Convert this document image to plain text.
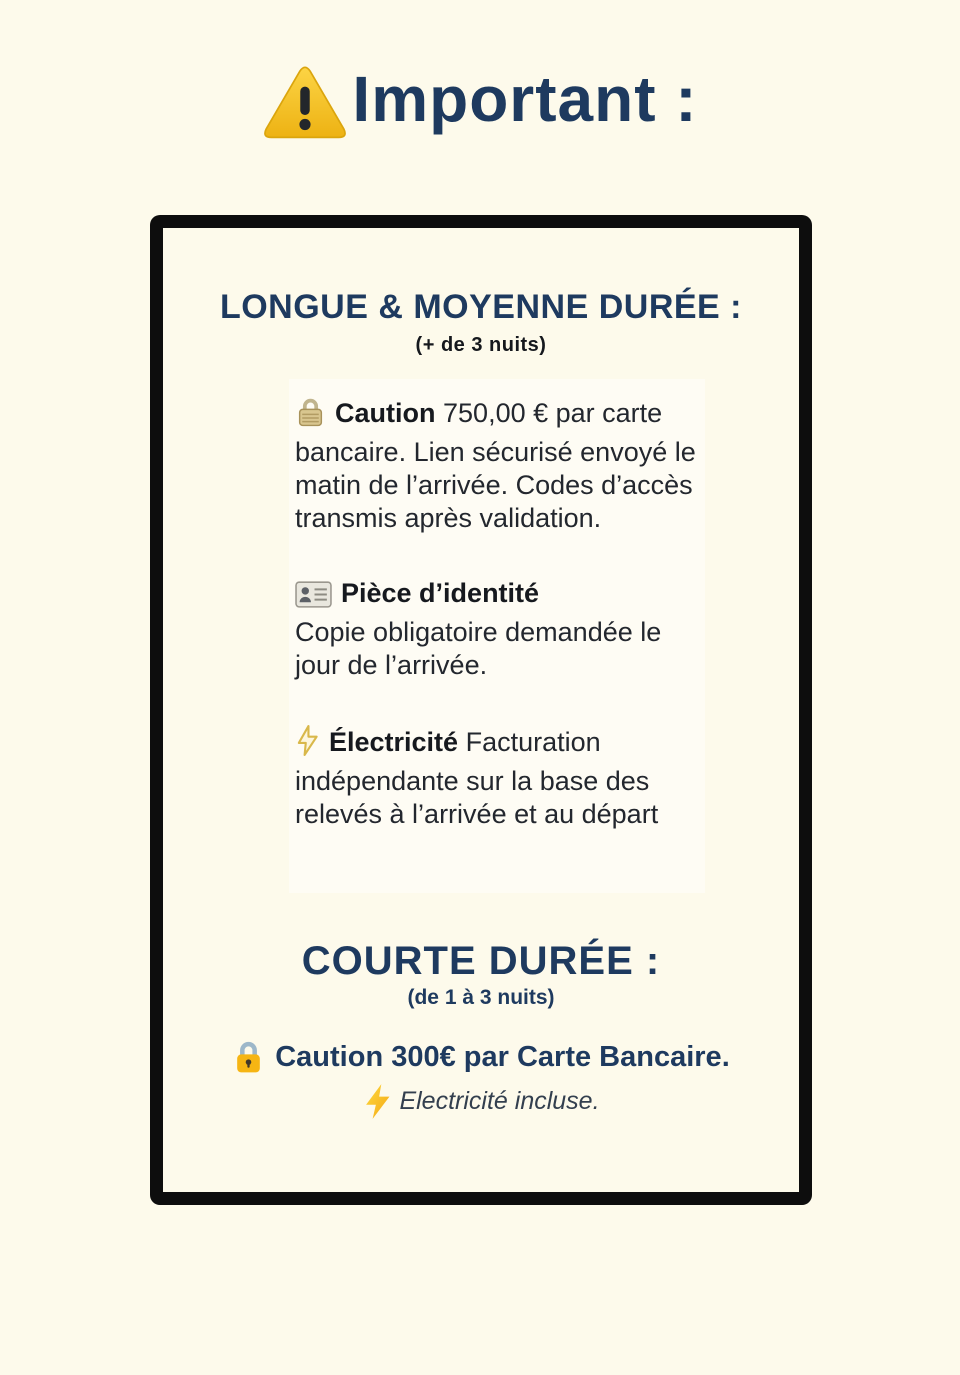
Important :
LONGUE & MOYENNE DURÉE :
(+ de 3 nuits)
Caution 750,00 € par carte bancaire. Lien sécurisé envoyé le matin de l’arrivée. Codes d’accès transmis après validation.
Pièce d’identité
Copie obligatoire demandée le jour de l’arrivée.
Électricité Facturation indépendante sur la base des relevés à l’arrivée et au départ
COURTE DURÉE :
(de 1 à 3 nuits)
Caution 300€ par Carte Bancaire.
Electricité incluse.
